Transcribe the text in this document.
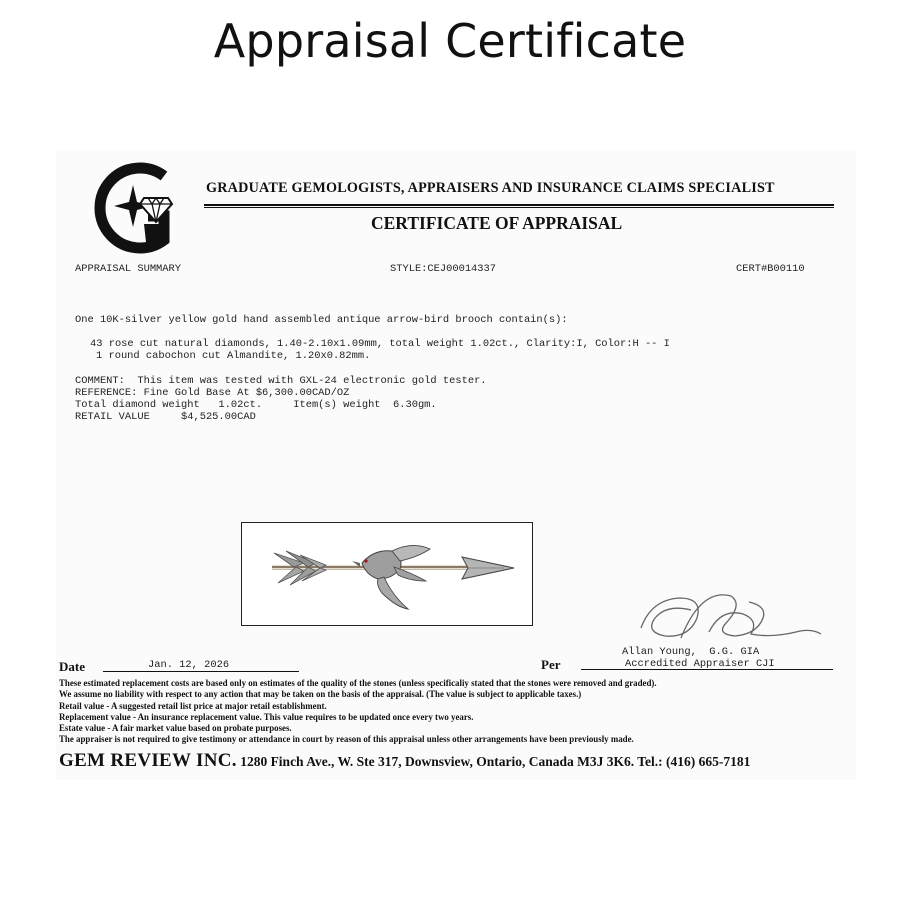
Appraisal Certificate
GRADUATE GEMOLOGISTS, APPRAISERS AND INSURANCE CLAIMS SPECIALIST
CERTIFICATE OF APPRAISAL
APPRAISAL SUMMARY	STYLE:CEJ00014337	CERT#B00110
One 10K-silver yellow gold hand assembled antique arrow-bird brooch contain(s):
43 rose cut natural diamonds, 1.40-2.10x1.09mm, total weight 1.02ct., Clarity:I, Color:H -- I
1 round cabochon cut Almandite, 1.20x0.82mm.
COMMENT:  This item was tested with GXL-24 electronic gold tester.
REFERENCE: Fine Gold Base At $6,300.00CAD/OZ
Total diamond weight   1.02ct.     Item(s) weight  6.30gm.
RETAIL VALUE     $4,525.00CAD
Allan Young,  G.G. GIA
Date	Jan. 12, 2026	Per	Accredited Appraiser CJI
These estimated replacement costs are based only on estimates of the quality of the stones (unless specificaliy stated that the stones were removed and graded).
We assume no liability with respect to any action that may be taken on the basis of the appraisal. (The value is subject to applicable taxes.)
Retail value - A suggested retail list price at major retail establishment.
Replacement value - An insurance replacement value. This value requires to be updated once every two years.
Estate value - A fair market value based on probate purposes.
The appraiser is not required to give testimony or attendance in court by reason of this appraisal unless other arrangements have been previously made.
GEM REVIEW INC. 1280 Finch Ave., W. Ste 317, Downsview, Ontario, Canada M3J 3K6. Tel.: (416) 665-7181
